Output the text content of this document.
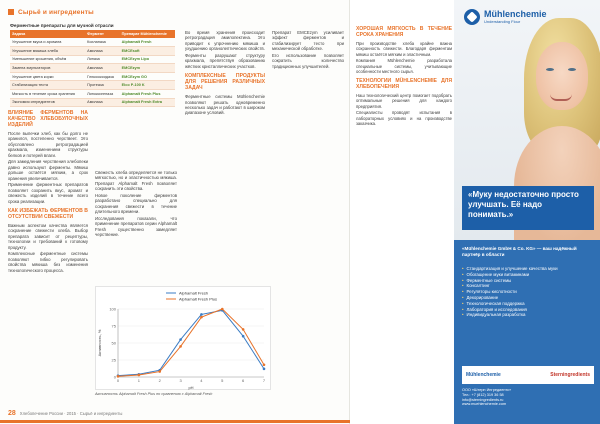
Сырьё и ингредиенты
Ферментные препараты для мучной отрасли
Задача	Фермент	Препарат Mühlenchemie
Улучшение вкуса и аромата	Ксиланаза	Alphamalt Fresh
Улучшение мякиша хлеба	Амилаза	EMCEsoft
Уменьшение крошения, объём	Липаза	EMCEzym Lipo
Замена эмульгаторов	Амилаза	EMCEzym
Улучшение цвета корки	Глюкооксидаза	EMCEzym GO
Стабилизация теста	Протеаза	Elco P-100 K
Мягкость в течение срока хранения	Липоксигеназа	Alphamalt Fresh Plus
Экономия ингредиентов	Амилаза	Alphamalt Fresh Extra
ВЛИЯНИЕ ФЕРМЕНТОВ НА КАЧЕСТВО ХЛЕБОБУЛОЧНЫХ ИЗДЕЛИЙ

После выпечки хлеб, как бы долго не хранился, постепенно черствеет. Это обусловлено ретроградацией крахмала, изменением структуры белков и потерей влаги.

Для замедления черствения хлебопеки давно используют ферменты. Мякиш дольше остаётся мягким, а срок хранения увеличивается.

Применение ферментных препаратов позволяет сохранить вкус, аромат и свежесть изделий в течение всего срока реализации.

КАК ИЗБЕЖАТЬ ФЕРМЕНТОВ В ОТСУТСТВИИ СВЕЖЕСТИ

Важным аспектом качества является сохранение свежести хлеба. Выбор препарата зависит от рецептуры, технологии и требований к готовому продукту.

Комплексные ферментные системы позволяют гибко регулировать свойства мякиша без изменения технологического процесса.

Свежесть хлеба определяется не только мягкостью, но и эластичностью мякиша. Препарат Alphamalt Fresh позволяет сохранить эти свойства.

Новое поколение ферментов разработано специально для сохранения свежести в течение длительного времени.

Исследования показали, что применение препаратов серии Alphamalt Fresh существенно замедляет черствение.

Во время хранения происходит ретроградация амилопектина. Это приводит к упрочнению мякиша и ухудшению органолептических свойств.

Ферменты разрушают структуру крахмала, препятствуя образованию жёстких кристаллических участков.

КОМПЛЕКСНЫЕ ПРОДУКТЫ ДЛЯ РЕШЕНИЯ РАЗЛИЧНЫХ ЗАДАЧ

Ферментные системы Mühlenchemie позволяют решать одновременно несколько задач и работают в широком диапазоне условий.

Препарат EMCEzym усиливает эффект ферментов и стабилизирует тесто при механической обработке.

Его использование позволяет сократить количество традиционных улучшителей.

0
25
50
75
100
0	1	2	3	4	5	6	7
pH
Активность, %
Alphamalt Fresh
Alphamalt Fresh Plus
Активность Alphamalt Fresh Plus по сравнению с Alphamalt Fresh
28 Хлебопечение России · 2015 · Сырьё и ингредиенты
ХОРОШАЯ МЯГКОСТЬ В ТЕЧЕНИЕ СРОКА ХРАНЕНИЯ

При производстве хлеба крайне важна сохранность свежести. Благодаря ферментам мякиш остаётся мягким и эластичным.

Компания Mühlenchemie разработала специальные системы, учитывающие особенности местного сырья.

ТЕХНОЛОГИИ MÜHLENCHEMIE ДЛЯ ХЛЕБОПЕЧЕНИЯ

Наш технологический центр помогает подобрать оптимальные решения для каждого предприятия.

Специалисты проводят испытания в лабораторных условиях и на производстве заказчика.

Mühlenchemie
Understanding Flour
«Муку недостаточно просто улучшать. Её надо понимать.»
«Mühlenchemie GmbH & Co. KG» — ваш надёжный партнёр в области
• Стандартизация и улучшение качества муки
• Обогащение муки витаминами
• Ферментные системы
• Консалтинг
• Регуляторы кислотности
• Декорирование
• Технологическая поддержка
• Лаборатория и исследования
• Индивидуальная разработка
Mühlenchemie	Sterningredients
ООО «Штерн Ингредиентс»
Тел.: +7 (812) 319 36 58
info@sterningredients.ru
www.muehlenchemie.com
